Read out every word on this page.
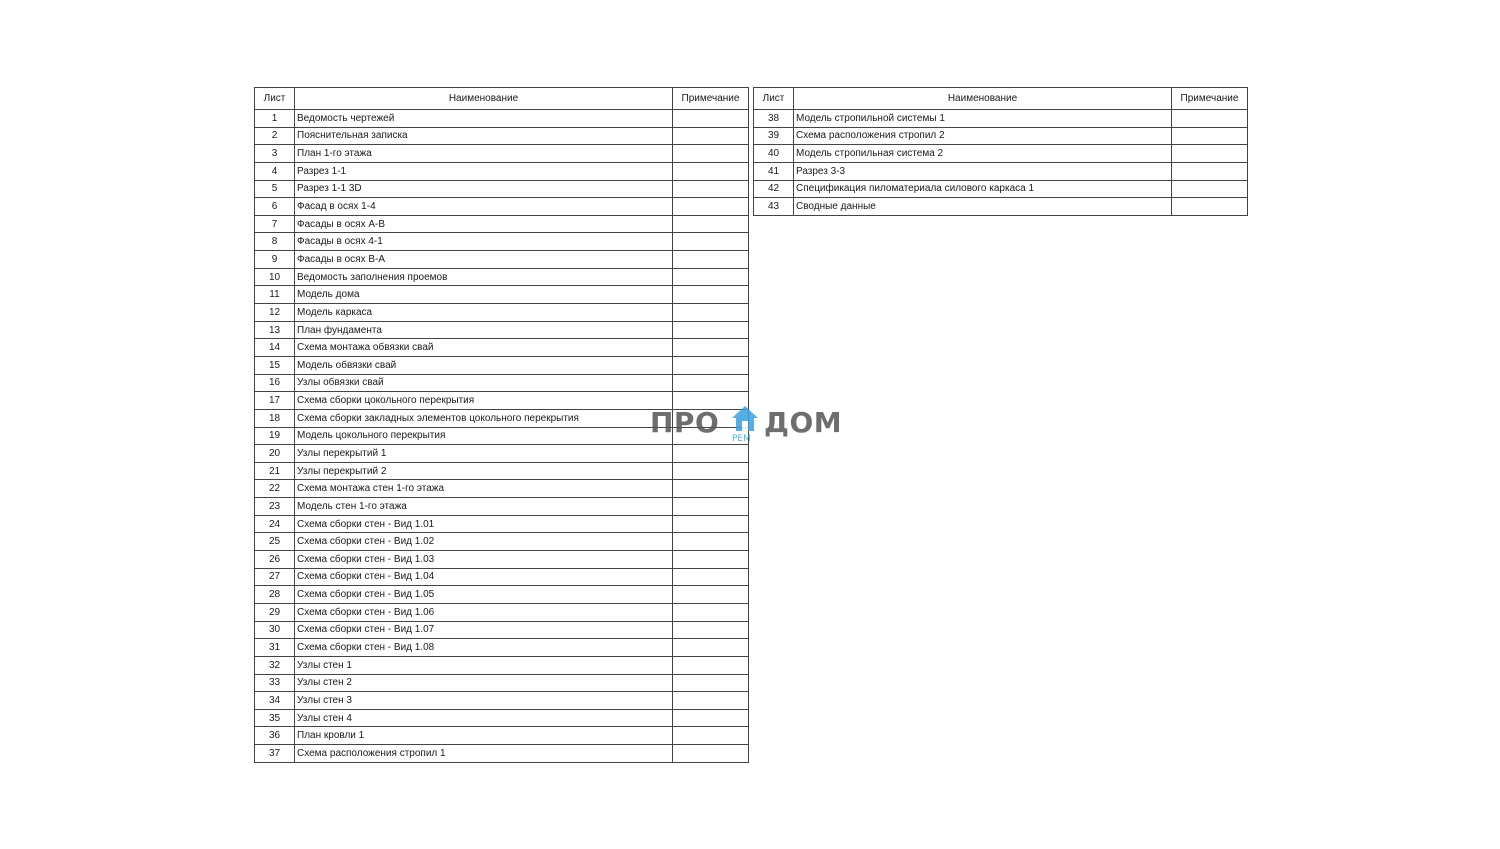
Лист	Наименование	Примечание
1	Ведомость чертежей	
2	Пояснительная записка	
3	План 1-го этажа	
4	Разрез 1-1	
5	Разрез 1-1 3D	
6	Фасад в осях 1-4	
7	Фасады в осях А-В	
8	Фасады в осях 4-1	
9	Фасады в осях В-А	
10	Ведомость заполнения проемов	
11	Модель дома	
12	Модель каркаса	
13	План фундамента	
14	Схема монтажа обвязки свай	
15	Модель обвязки свай	
16	Узлы обвязки свай	
17	Схема сборки цокольного перекрытия	
18	Схема сборки закладных элементов цокольного перекрытия	
19	Модель цокольного перекрытия	
20	Узлы перекрытий 1	
21	Узлы перекрытий 2	
22	Схема монтажа стен 1-го этажа	
23	Модель стен 1-го этажа	
24	Схема сборки стен - Вид 1.01	
25	Схема сборки стен - Вид 1.02	
26	Схема сборки стен - Вид 1.03	
27	Схема сборки стен - Вид 1.04	
28	Схема сборки стен - Вид 1.05	
29	Схема сборки стен - Вид 1.06	
30	Схема сборки стен - Вид 1.07	
31	Схема сборки стен - Вид 1.08	
32	Узлы стен 1	
33	Узлы стен 2	
34	Узлы стен 3	
35	Узлы стен 4	
36	План кровли 1	
37	Схема расположения стропил 1	
Лист	Наименование	Примечание
38	Модель стропильной системы 1	
39	Схема расположения стропил 2	
40	Модель стропильная система 2	
41	Разрез 3-3	
42	Спецификация пиломатериала силового каркаса 1	
43	Сводные данные	
ПРО РЕМ ДОМ
